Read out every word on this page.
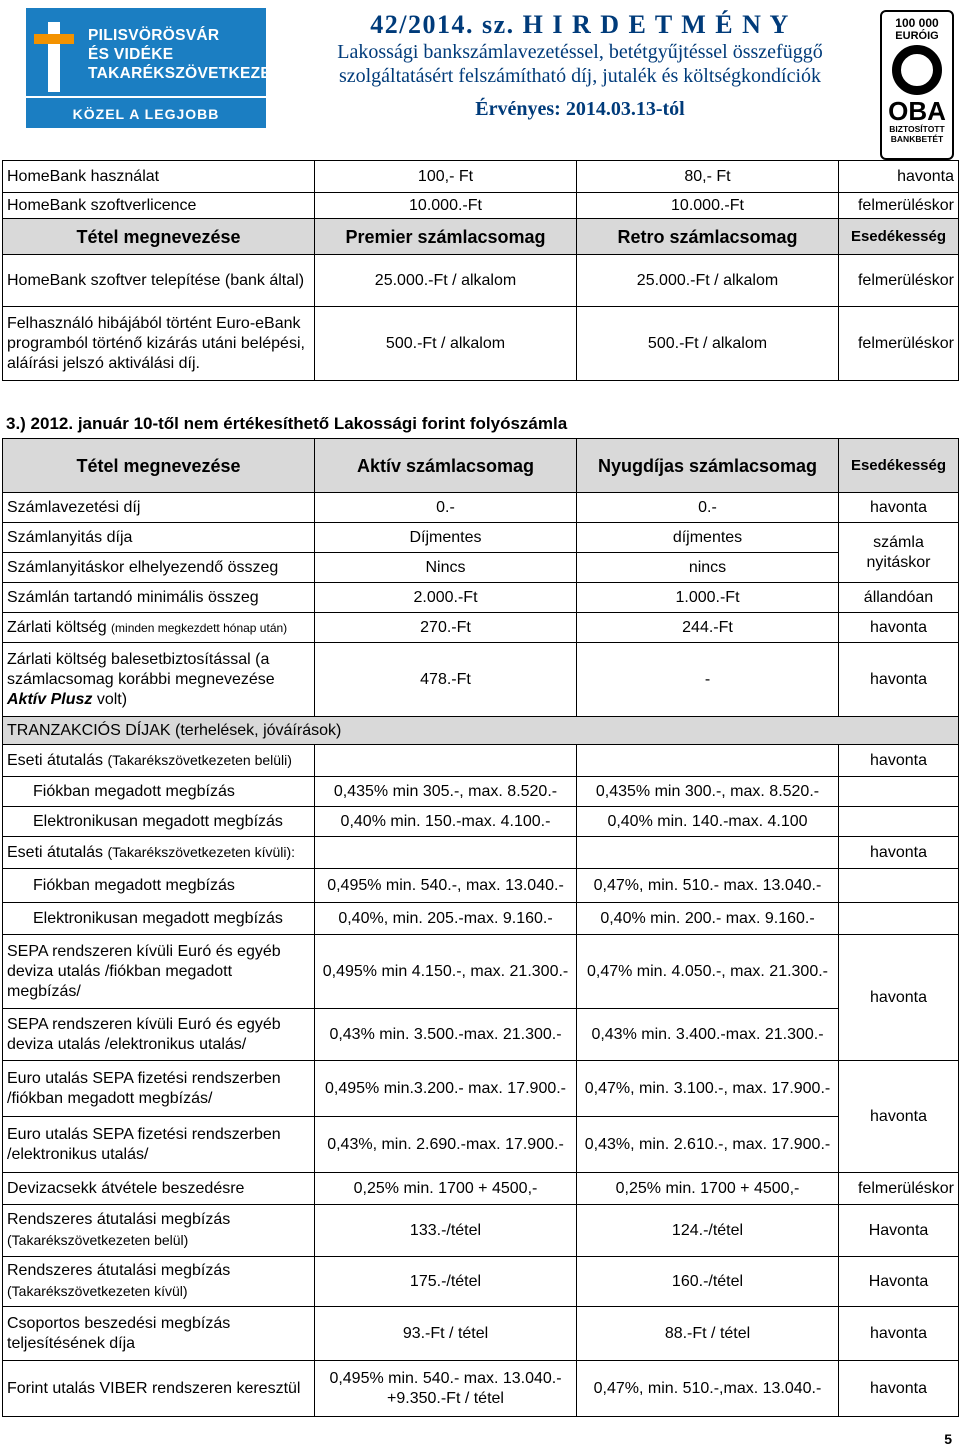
PILISVÖRÖSVÁR
ÉS VIDÉKE
TAKARÉKSZÖVETKEZET
KÖZEL A LEGJOBB
42/2014. sz. H I R D E T M É N Y
Lakossági bankszámlavezetéssel, betétgyűjtéssel összefüggő
szolgáltatásért felszámítható díj, jutalék és költségkondíciók
Érvényes: 2014.03.13-tól
100 000
EURÓIG
OBA
BIZTOSÍTOTT
BANKBETÉT
HomeBank használat	100,- Ft	80,- Ft	havonta
HomeBank szoftverlicence	10.000.-Ft	10.000.-Ft	felmerüléskor
Tétel megnevezése	Premier számlacsomag	Retro számlacsomag	Esedékesség
HomeBank szoftver telepítése (bank által)	25.000.-Ft / alkalom	25.000.-Ft / alkalom	felmerüléskor
Felhasználó hibájából történt Euro-eBank programból történő kizárás utáni belépési, aláírási jelszó aktiválási díj.	500.-Ft / alkalom	500.-Ft / alkalom	felmerüléskor
3.) 2012. január 10-től nem értékesíthető Lakossági forint folyószámla
Tétel megnevezése	Aktív számlacsomag	Nyugdíjas számlacsomag	Esedékesség
Számlavezetési díj	0.-	0.-	havonta
Számlanyitás díja	Díjmentes	díjmentes	számla nyitáskor
Számlanyitáskor elhelyezendő összeg	Nincs	nincs	
Számlán tartandó minimális összeg	2.000.-Ft	1.000.-Ft	állandóan
Zárlati költség (minden megkezdett hónap után)	270.-Ft	244.-Ft	havonta
Zárlati költség balesetbiztosítással (a számlacsomag korábbi megnevezése Aktív Plusz volt)	478.-Ft	-	havonta
TRANZAKCIÓS DÍJAK (terhelések, jóváírások)			
Eseti átutalás (Takarékszövetkezeten belüli)			havonta
Fiókban megadott megbízás	0,435% min 305.-, max. 8.520.-	0,435% min 300.-, max. 8.520.-	
Elektronikusan megadott megbízás	0,40% min. 150.-max. 4.100.-	0,40% min. 140.-max. 4.100	
Eseti átutalás (Takarékszövetkezeten kívüli):			havonta
Fiókban megadott megbízás	0,495% min. 540.-, max. 13.040.-	0,47%, min. 510.- max. 13.040.-	
Elektronikusan megadott megbízás	0,40%, min. 205.-max. 9.160.-	0,40% min. 200.- max. 9.160.-	
SEPA rendszeren kívüli Euró és egyéb deviza utalás /fiókban megadott megbízás/	0,495% min 4.150.-, max. 21.300.-	0,47% min. 4.050.-, max. 21.300.-	havonta
SEPA rendszeren kívüli Euró és egyéb deviza utalás /elektronikus utalás/	0,43% min. 3.500.-max. 21.300.-	0,43% min. 3.400.-max. 21.300.-	
Euro utalás SEPA fizetési rendszerben /fiókban megadott megbízás/	0,495% min.3.200.- max. 17.900.-	0,47%, min. 3.100.-, max. 17.900.-	havonta
Euro utalás SEPA fizetési rendszerben /elektronikus utalás/	0,43%, min. 2.690.-max. 17.900.-	0,43%, min. 2.610.-, max. 17.900.-	
Devizacsekk átvétele beszedésre	0,25% min. 1700 + 4500,-	0,25% min. 1700 + 4500,-	felmerüléskor
Rendszeres átutalási megbízás
(Takarékszövetkezeten belül)	133.-/tétel	124.-/tétel	Havonta
Rendszeres átutalási megbízás
(Takarékszövetkezeten kívül)	175.-/tétel	160.-/tétel	Havonta
Csoportos beszedési megbízás teljesítésének díja	93.-Ft / tétel	88.-Ft / tétel	havonta
Forint utalás VIBER rendszeren keresztül	0,495% min. 540.- max. 13.040.- +9.350.-Ft / tétel	0,47%, min. 510.-,max. 13.040.-	havonta
5
